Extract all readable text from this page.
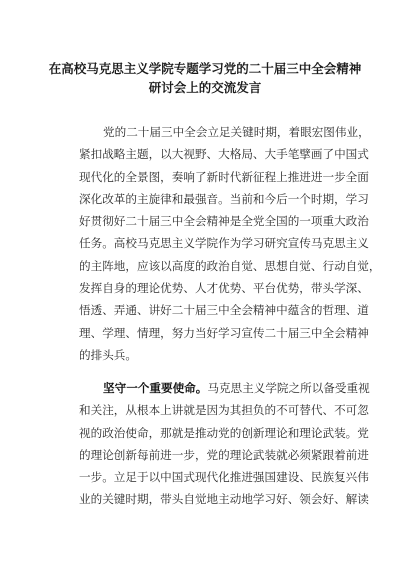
在高校马克思主义学院专题学习党的二十届三中全会精神
研讨会上的交流发言
党的二十届三中全会立足关键时期，着眼宏图伟业，
紧扣战略主题，以大视野、大格局、大手笔擘画了中国式
现代化的全景图，奏响了新时代新征程上推进进一步全面
深化改革的主旋律和最强音。当前和今后一个时期，学习
好贯彻好二十届三中全会精神是全党全国的一项重大政治
任务。高校马克思主义学院作为学习研究宣传马克思主义
的主阵地，应该以高度的政治自觉、思想自觉、行动自觉，
发挥自身的理论优势、人才优势、平台优势，带头学深、
悟透、弄通、讲好二十届三中全会精神中蕴含的哲理、道
理、学理、情理，努力当好学习宣传二十届三中全会精神
的排头兵。
坚守一个重要使命。马克思主义学院之所以备受重视
和关注，从根本上讲就是因为其担负的不可替代、不可忽
视的政治使命，那就是推动党的创新理论和理论武装。党
的理论创新每前进一步，党的理论武装就必须紧跟着前进
一步。立足于以中国式现代化推进强国建设、民族复兴伟
业的关键时期，带头自觉地主动地学习好、领会好、解读
